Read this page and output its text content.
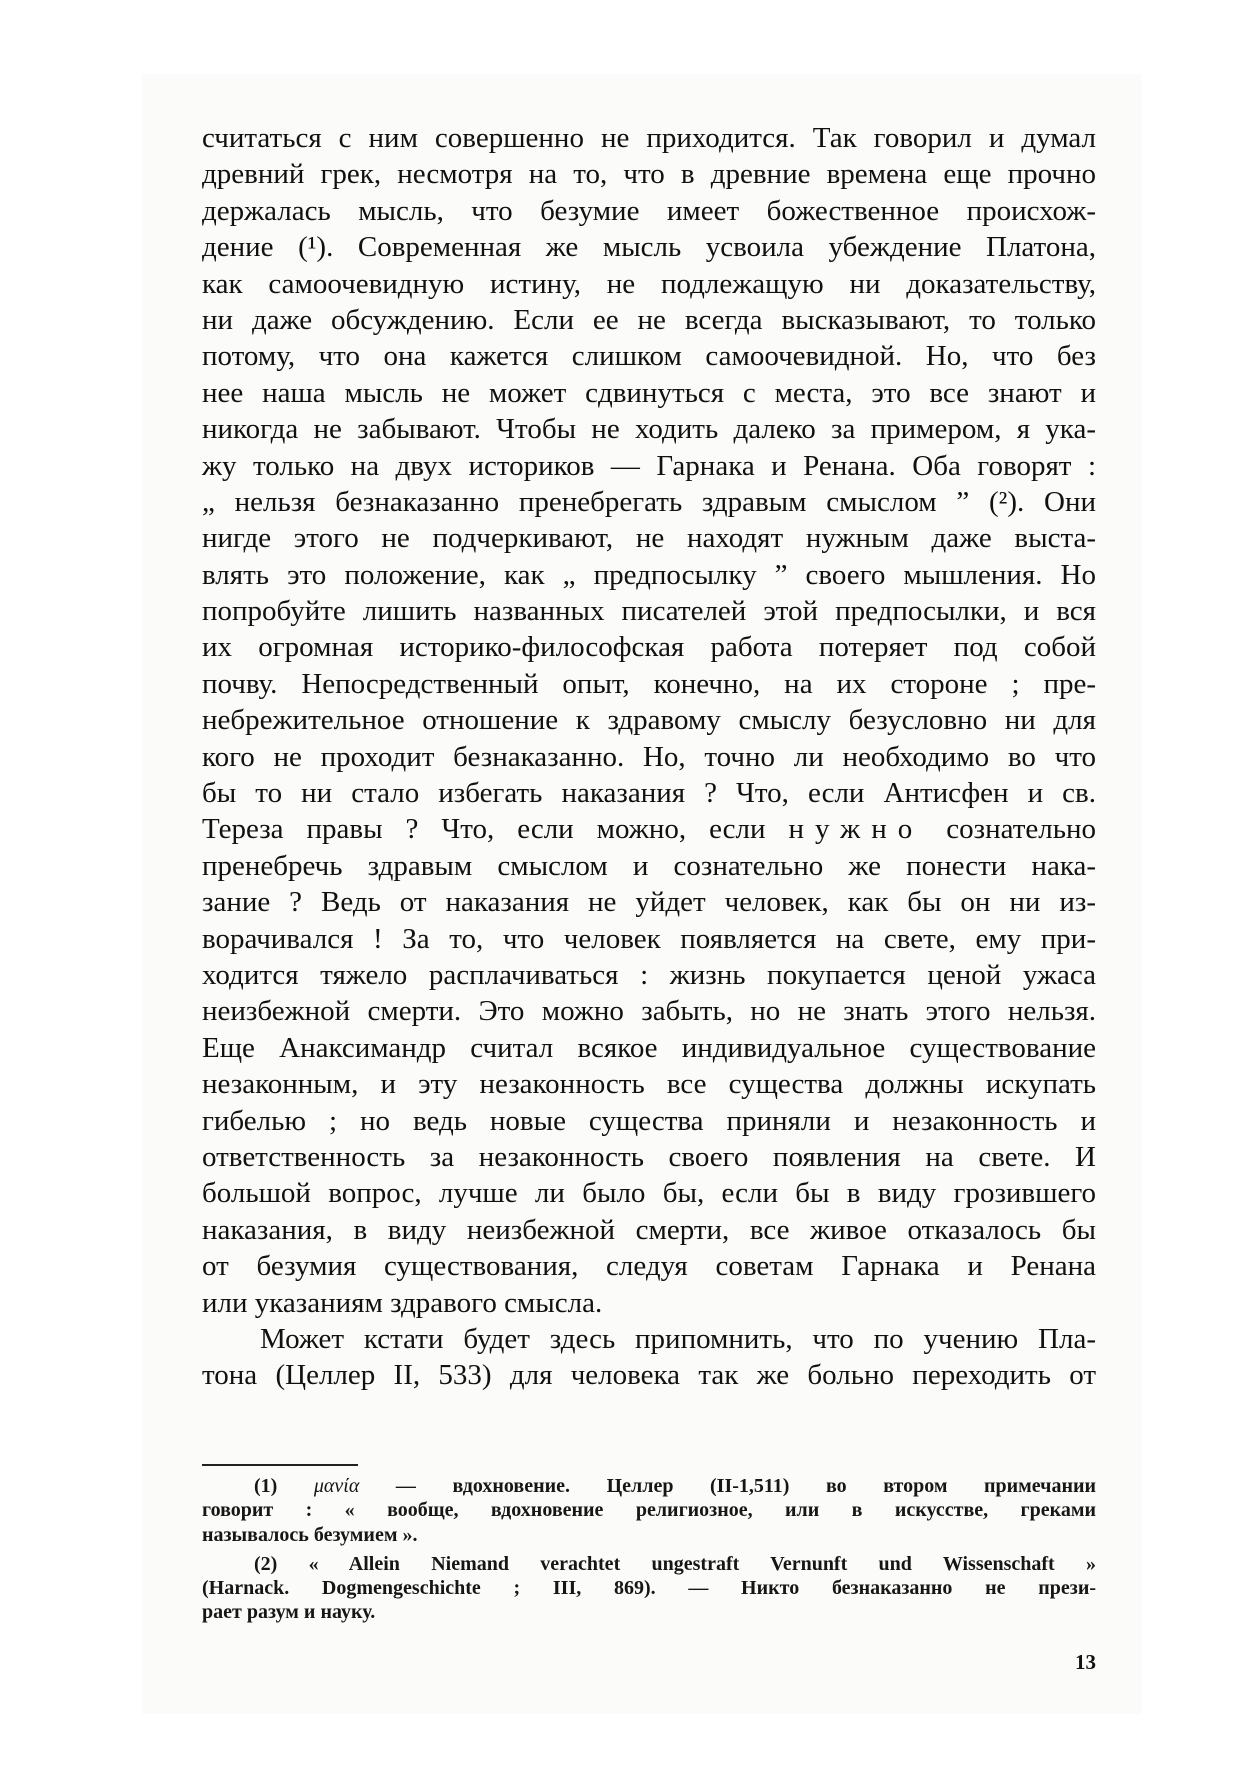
считаться с ним совершенно не приходится. Так говорил и думал
древний грек, несмотря на то, что в древние времена еще прочно
держалась мысль, что безумие имеет божественное происхож-
дение (¹). Современная же мысль усвоила убеждение Платона,
как самоочевидную истину, не подлежащую ни доказательству,
ни даже обсуждению. Если ее не всегда высказывают, то только
потому, что она кажется слишком самоочевидной. Но, что без
нее наша мысль не может сдвинуться с места, это все знают и
никогда не забывают. Чтобы не ходить далеко за примером, я ука-
жу только на двух историков — Гарнака и Ренана. Оба говорят :
„ нельзя безнаказанно пренебрегать здравым смыслом ” (²). Они
нигде этого не подчеркивают, не находят нужным даже выста-
влять это положение, как „ предпосылку ” своего мышления. Но
попробуйте лишить названных писателей этой предпосылки, и вся
их огромная историко-философская работа потеряет под собой
почву. Непосредственный опыт, конечно, на их стороне ; пре-
небрежительное отношение к здравому смыслу безусловно ни для
кого не проходит безнаказанно. Но, точно ли необходимо во что
бы то ни стало избегать наказания ? Что, если Антисфен и св.
Тереза правы ? Что, если можно, если нужно сознательно
пренебречь здравым смыслом и сознательно же понести нака-
зание ? Ведь от наказания не уйдет человек, как бы он ни из-
ворачивался ! За то, что человек появляется на свете, ему при-
ходится тяжело расплачиваться : жизнь покупается ценой ужаса
неизбежной смерти. Это можно забыть, но не знать этого нельзя.
Еще Анаксимандр считал всякое индивидуальное существование
незаконным, и эту незаконность все существа должны искупать
гибелью ; но ведь новые существа приняли и незаконность и
ответственность за незаконность своего появления на свете. И
большой вопрос, лучше ли было бы, если бы в виду грозившего
наказания, в виду неизбежной смерти, все живое отказалось бы
от безумия существования, следуя советам Гарнака и Ренана
или указаниям здравого смысла.
Может кстати будет здесь припомнить, что по учению Пла-
тона (Целлер II, 533) для человека так же больно переходить от
(1) μανία — вдохновение. Целлер (II-1,511) во втором примечании
говорит : « вообще, вдохновение религиозное, или в искусстве, греками
называлось безумием ».
(2) « Allein Niemand verachtet ungestraft Vernunft und Wissenschaft »
(Harnack. Dogmengeschichte ; III, 869). — Никто безнаказанно не прези-
рает разум и науку.
13
